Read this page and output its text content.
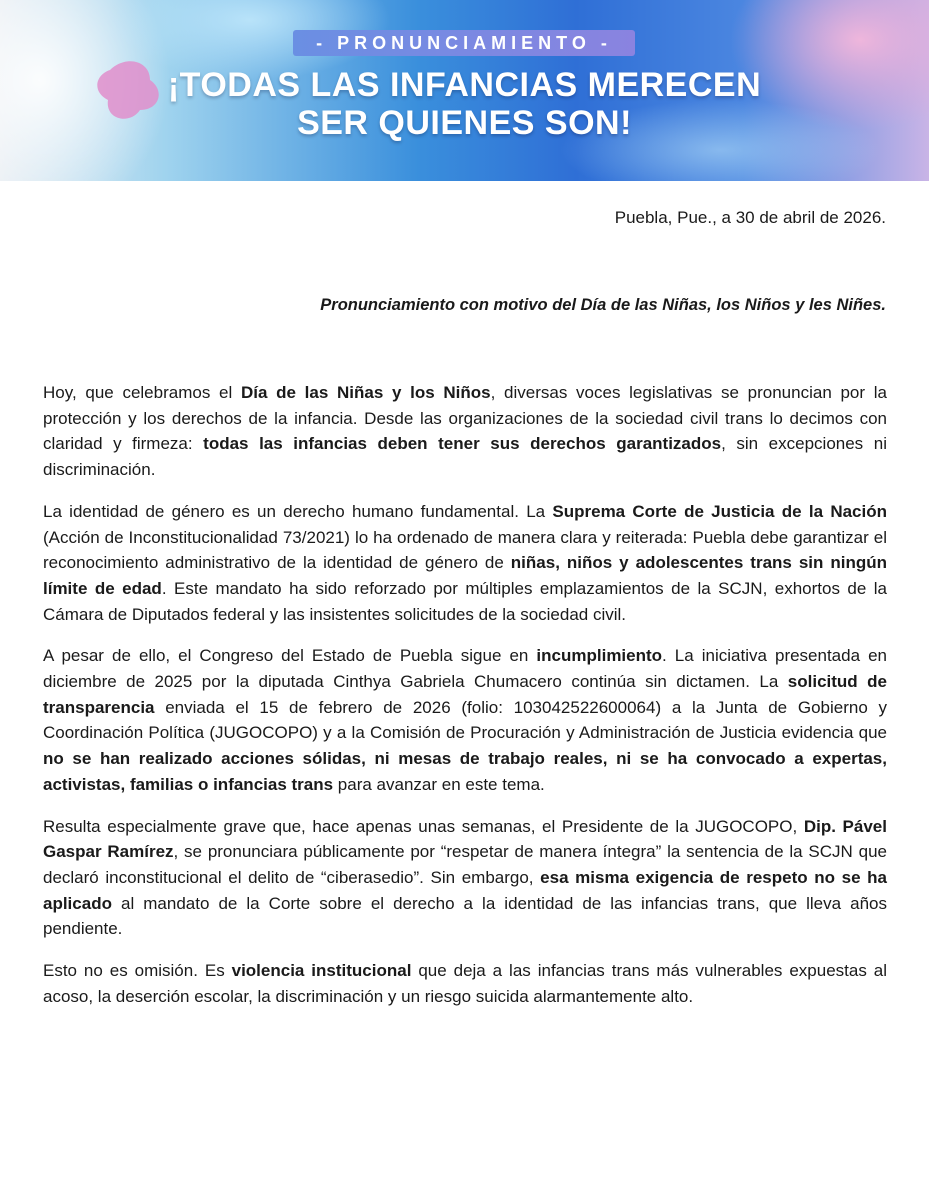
- PRONUNCIAMIENTO -
¡TODAS LAS INFANCIAS MERECEN
SER QUIENES SON!
Puebla, Pue., a 30 de abril de 2026.
Pronunciamiento con motivo del Día de las Niñas, los Niños y les Niñes.

Hoy, que celebramos el Día de las Niñas y los Niños, diversas voces legislativas se pronuncian por la protección y los derechos de la infancia. Desde las organizaciones de la sociedad civil trans lo decimos con claridad y firmeza: todas las infancias deben tener sus derechos garantizados, sin excepciones ni discriminación.

La identidad de género es un derecho humano fundamental. La Suprema Corte de Justicia de la Nación (Acción de Inconstitucionalidad 73/2021) lo ha ordenado de manera clara y reiterada: Puebla debe garantizar el reconocimiento administrativo de la identidad de género de niñas, niños y adolescentes trans sin ningún límite de edad. Este mandato ha sido reforzado por múltiples emplazamientos de la SCJN, exhortos de la Cámara de Diputados federal y las insistentes solicitudes de la sociedad civil.

A pesar de ello, el Congreso del Estado de Puebla sigue en incumplimiento. La iniciativa presentada en diciembre de 2025 por la diputada Cinthya Gabriela Chumacero continúa sin dictamen. La solicitud de transparencia enviada el 15 de febrero de 2026 (folio: 103042522600064) a la Junta de Gobierno y Coordinación Política (JUGOCOPO) y a la Comisión de Procuración y Administración de Justicia evidencia que no se han realizado acciones sólidas, ni mesas de trabajo reales, ni se ha convocado a expertas, activistas, familias o infancias trans para avanzar en este tema.

Resulta especialmente grave que, hace apenas unas semanas, el Presidente de la JUGOCOPO, Dip. Pável Gaspar Ramírez, se pronunciara públicamente por “respetar de manera íntegra” la sentencia de la SCJN que declaró inconstitucional el delito de “ciberasedio”. Sin embargo, esa misma exigencia de respeto no se ha aplicado al mandato de la Corte sobre el derecho a la identidad de las infancias trans, que lleva años pendiente.

Esto no es omisión. Es violencia institucional que deja a las infancias trans más vulnerables expuestas al acoso, la deserción escolar, la discriminación y un riesgo suicida alarmantemente alto.
